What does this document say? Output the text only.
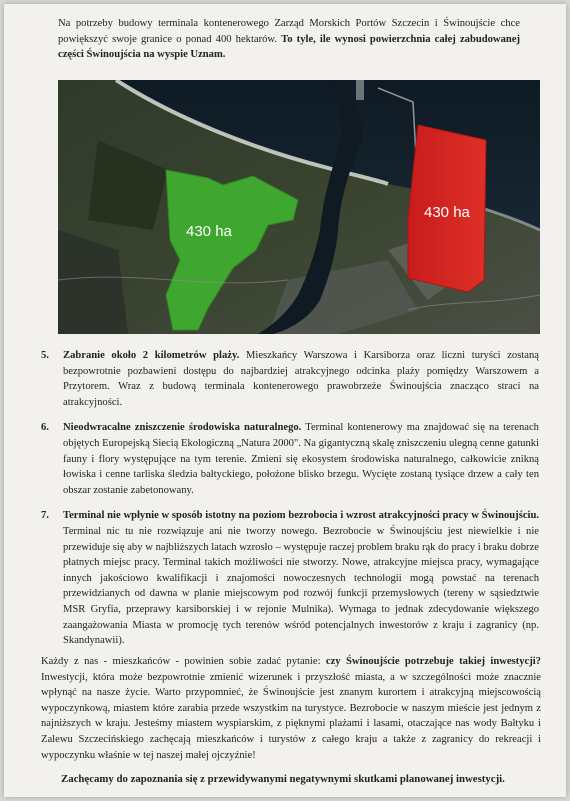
Na potrzeby budowy terminala kontenerowego Zarząd Morskich Portów Szczecin i Świnoujście chce powiększyć swoje granice o ponad 400 hektarów. To tyle, ile wynosi powierzchnia całej zabudowanej części Świnoujścia na wyspie Uznam.
430 ha
430 ha
5.	Zabranie około 2 kilometrów plaży. Mieszkańcy Warszowa i Karsiborza oraz liczni turyści zostaną bezpowrotnie pozbawieni dostępu do najbardziej atrakcyjnego odcinka plaży pomiędzy Warszowem a Przytorem. Wraz z budową terminala kontenerowego prawobrzeże Świnoujścia znacząco straci na atrakcyjności.
6.	Nieodwracalne zniszczenie środowiska naturalnego. Terminal kontenerowy ma znajdować się na terenach objętych Europejską Siecią Ekologiczną „Natura 2000". Na gigantyczną skalę zniszczeniu ulegną cenne gatunki fauny i flory występujące na tym terenie. Zmieni się ekosystem środowiska naturalnego, całkowicie znikną łowiska i cenne tarliska śledzia bałtyckiego, położone blisko brzegu. Wycięte zostaną tysiące drzew a cały ten obszar zostanie zabetonowany.
7.	Terminal nie wpłynie w sposób istotny na poziom bezrobocia i wzrost atrakcyjności pracy w Świnoujściu. Terminal nic tu nie rozwiązuje ani nie tworzy nowego. Bezrobocie w Świnoujściu jest niewielkie i nie przewiduje się aby w najbliższych latach wzrosło – występuje raczej problem braku rąk do pracy i braku dobrze płatnych miejsc pracy. Terminal takich możliwości nie stworzy. Nowe, atrakcyjne miejsca pracy, wymagające innych jakościowo kwalifikacji i znajomości nowoczesnych technologii mogą powstać na terenach przewidzianych od dawna w planie miejscowym pod rozwój funkcji przemysłowych (tereny w sąsiedztwie MSR Gryfia, przeprawy karsiborskiej i w rejonie Mulnika). Wymaga to jednak zdecydowanie większego zaangażowania Miasta w promocję tych terenów wśród potencjalnych inwestorów z kraju i zagranicy (np. Skandynawii).
Każdy z nas - mieszkańców - powinien sobie zadać pytanie: czy Świnoujście potrzebuje takiej inwestycji? Inwestycji, która może bezpowrotnie zmienić wizerunek i przyszłość miasta, a w szczególności może znacznie wpłynąć na nasze życie. Warto przypomnieć, że Świnoujście jest znanym kurortem i atrakcyjną miejscowością wypoczynkową, miastem które zarabia przede wszystkim na turystyce. Bezrobocie w naszym mieście jest jednym z najniższych w kraju. Jesteśmy miastem wyspiarskim, z pięknymi plażami i lasami, otaczające nas wody Bałtyku i Zalewu Szczecińskiego zachęcają mieszkańców i turystów z całego kraju a także z zagranicy do rekreacji i wypoczynku właśnie w tej naszej małej ojczyźnie!
Zachęcamy do zapoznania się z przewidywanymi negatywnymi skutkami planowanej inwestycji.
